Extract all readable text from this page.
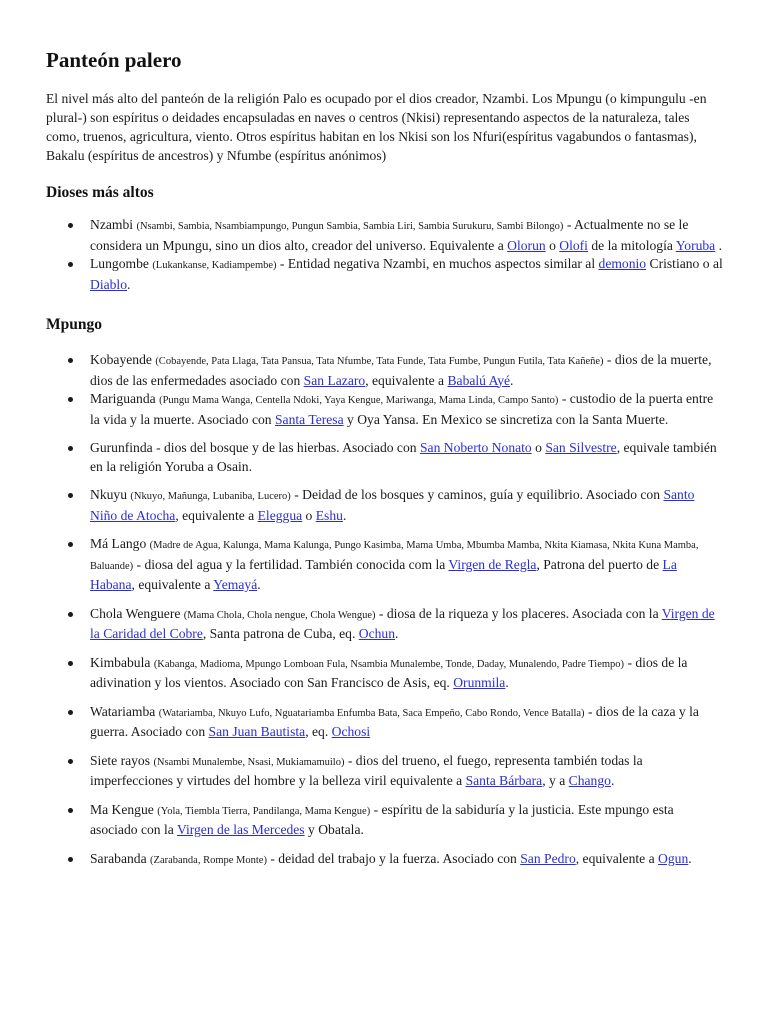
Panteón palero

El nivel más alto del panteón de la religión Palo es ocupado por el dios creador, Nzambi. Los Mpungu (o kimpungulu -en plural-) son espíritus o deidades encapsuladas en naves o centros (Nkisi) representando aspectos de la naturaleza, tales como, truenos, agricultura, viento. Otros espíritus habitan en los Nkisi son los Nfuri(espíritus vagabundos o fantasmas), Bakalu (espíritus de ancestros) y Nfumbe (espíritus anónimos)

Dioses más altos
Nzambi (Nsambi, Sambia, Nsambiampungo, Pungun Sambia, Sambia Liri, Sambia Surukuru, Sambi Bilongo) - Actualmente no se le considera un Mpungu, sino un dios alto, creador del universo. Equivalente a Olorun o Olofi de la mitología Yoruba .
Lungombe (Lukankanse, Kadiampembe) - Entidad negativa Nzambi, en muchos aspectos similar al demonio Cristiano o al Diablo.
Mpungo
Kobayende (Cobayende, Pata Llaga, Tata Pansua, Tata Nfumbe, Tata Funde, Tata Fumbe, Pungun Futila, Tata Kañeñe) - dios de la muerte, dios de las enfermedades asociado con San Lazaro, equivalente a Babalú Ayé.
Mariguanda (Pungu Mama Wanga, Centella Ndoki, Yaya Kengue, Mariwanga, Mama Linda, Campo Santo) - custodio de la puerta entre la vida y la muerte. Asociado con Santa Teresa y Oya Yansa. En Mexico se sincretiza con la Santa Muerte.
Gurunfinda - dios del bosque y de las hierbas. Asociado con San Noberto Nonato o San Silvestre, equivale también en la religión Yoruba a Osain.
Nkuyu (Nkuyo, Mañunga, Lubaniba, Lucero) - Deidad de los bosques y caminos, guía y equilibrio. Asociado con Santo Niño de Atocha, equivalente a Eleggua o Eshu.
Má Lango (Madre de Agua, Kalunga, Mama Kalunga, Pungo Kasimba, Mama Umba, Mbumba Mamba, Nkita Kiamasa, Nkita Kuna Mamba, Baluande) - diosa del agua y la fertilidad. También conocida com la Virgen de Regla, Patrona del puerto de La Habana, equivalente a Yemayá.
Chola Wenguere (Mama Chola, Chola nengue, Chola Wengue) - diosa de la riqueza y los placeres. Asociada con la Virgen de la Caridad del Cobre, Santa patrona de Cuba, eq. Ochun.
Kimbabula (Kabanga, Madioma, Mpungo Lomboan Fula, Nsambia Munalembe, Tonde, Daday, Munalendo, Padre Tiempo) - dios de la adivination y los vientos. Asociado con San Francisco de Asis, eq. Orunmila.
Watariamba (Watariamba, Nkuyo Lufo, Nguatariamba Enfumba Bata, Saca Empeño, Cabo Rondo, Vence Batalla) - dios de la caza y la guerra. Asociado con San Juan Bautista, eq. Ochosi
Siete rayos (Nsambi Munalembe, Nsasi, Mukiamamuilo) - dios del trueno, el fuego, representa también todas la imperfecciones y virtudes del hombre y la belleza viril equivalente a Santa Bárbara, y a Chango.
Ma Kengue (Yola, Tiembla Tierra, Pandilanga, Mama Kengue) - espíritu de la sabiduría y la justicia. Este mpungo esta asociado con la Virgen de las Mercedes y Obatala.
Sarabanda (Zarabanda, Rompe Monte) - deidad del trabajo y la fuerza. Asociado con San Pedro, equivalente a Ogun.
